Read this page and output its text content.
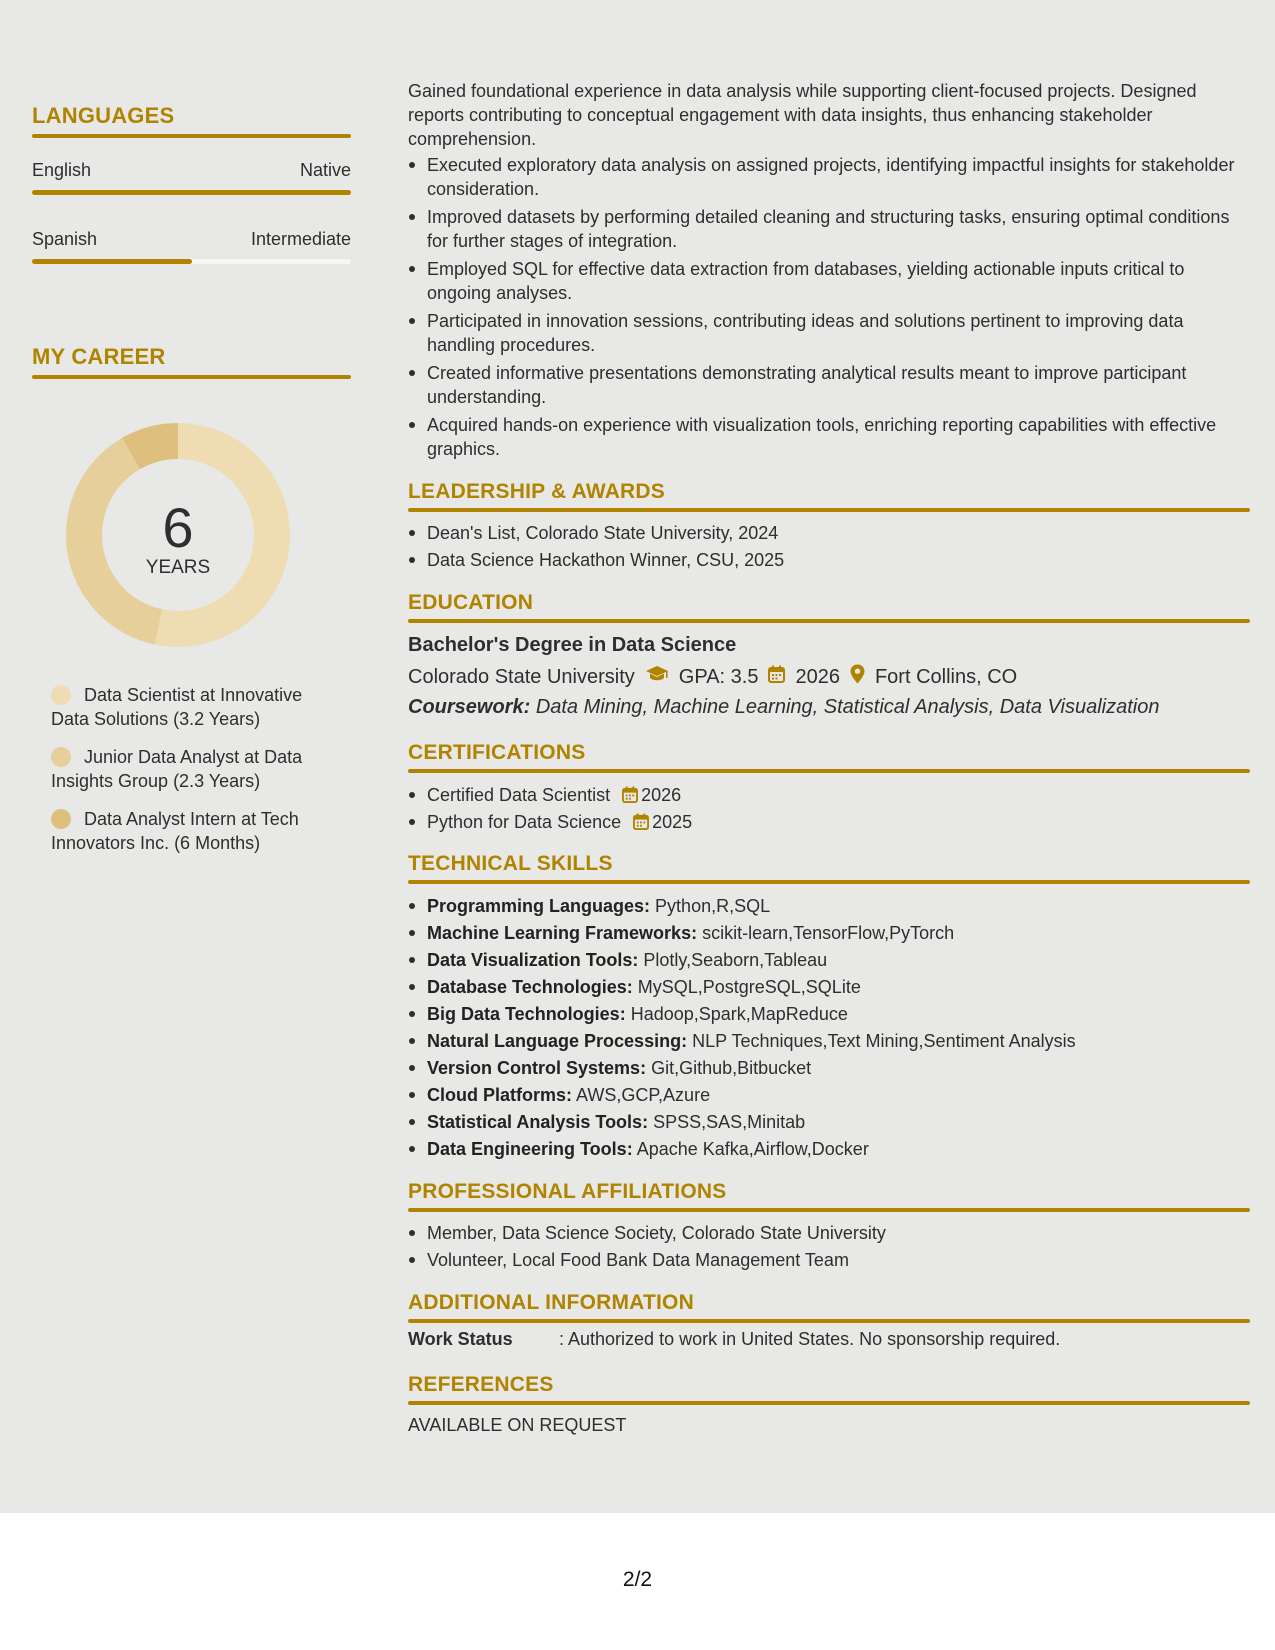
LANGUAGES
English	Native
Spanish	Intermediate
MY CAREER
6
YEARS
Data Scientist at Innovative Data Solutions (3.2 Years)
Junior Data Analyst at Data Insights Group (2.3 Years)
Data Analyst Intern at Tech Innovators Inc. (6 Months)

Gained foundational experience in data analysis while supporting client-focused projects. Designed reports contributing to conceptual engagement with data insights, thus enhancing stakeholder comprehension.

Executed exploratory data analysis on assigned projects, identifying impactful insights for stakeholder consideration.
Improved datasets by performing detailed cleaning and structuring tasks, ensuring optimal conditions for further stages of integration.
Employed SQL for effective data extraction from databases, yielding actionable inputs critical to ongoing analyses.
Participated in innovation sessions, contributing ideas and solutions pertinent to improving data handling procedures.
Created informative presentations demonstrating analytical results meant to improve participant understanding.
Acquired hands-on experience with visualization tools, enriching reporting capabilities with effective graphics.
LEADERSHIP & AWARDS
Dean's List, Colorado State University, 2024
Data Science Hackathon Winner, CSU, 2025
EDUCATION
Bachelor's Degree in Data Science
Colorado State University GPA: 3.5 2026 Fort Collins, CO
Coursework: Data Mining, Machine Learning, Statistical Analysis, Data Visualization
CERTIFICATIONS
Certified Data Scientist 2026
Python for Data Science 2025
TECHNICAL SKILLS
Programming Languages: Python,R,SQL
Machine Learning Frameworks: scikit-learn,TensorFlow,PyTorch
Data Visualization Tools: Plotly,Seaborn,Tableau
Database Technologies: MySQL,PostgreSQL,SQLite
Big Data Technologies: Hadoop,Spark,MapReduce
Natural Language Processing: NLP Techniques,Text Mining,Sentiment Analysis
Version Control Systems: Git,Github,Bitbucket
Cloud Platforms: AWS,GCP,Azure
Statistical Analysis Tools: SPSS,SAS,Minitab
Data Engineering Tools: Apache Kafka,Airflow,Docker
PROFESSIONAL AFFILIATIONS
Member, Data Science Society, Colorado State University
Volunteer, Local Food Bank Data Management Team
ADDITIONAL INFORMATION
Work Status	: Authorized to work in United States. No sponsorship required.
REFERENCES
AVAILABLE ON REQUEST
2/2
